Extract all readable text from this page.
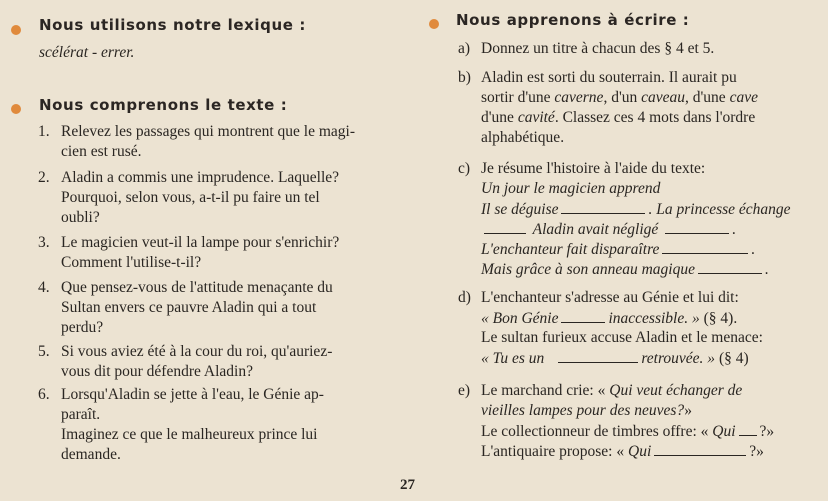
Nous utilisons notre lexique :
scélérat - errer.
Nous comprenons le texte :
1. Relevez les passages qui montrent que le magi-
cien est rusé.
2. Aladin a commis une imprudence. Laquelle?
Pourquoi, selon vous, a-t-il pu faire un tel
oubli?
3. Le magicien veut-il la lampe pour s'enrichir?
Comment l'utilise-t-il?
4. Que pensez-vous de l'attitude menaçante du
Sultan envers ce pauvre Aladin qui a tout
perdu?
5. Si vous aviez été à la cour du roi, qu'auriez-
vous dit pour défendre Aladin?
6. Lorsqu'Aladin se jette à l'eau, le Génie ap-
paraît.
Imaginez ce que le malheureux prince lui
demande.
Nous apprenons à écrire :
a) Donnez un titre à chacun des § 4 et 5.
b) Aladin est sorti du souterrain. Il aurait pu
sortir d'une caverne, d'un caveau, d'une cave
d'une cavité. Classez ces 4 mots dans l'ordre
alphabétique.
c) Je résume l'histoire à l'aide du texte:
Un jour le magicien apprend
Il se déguise	. La princesse échange
Aladin avait négligé	.
L'enchanteur fait disparaître	.
Mais grâce à son anneau magique	.
d) L'enchanteur s'adresse au Génie et lui dit:
« Bon Génie	inaccessible. » (§ 4).
Le sultan furieux accuse Aladin et le menace:
« Tu es un	retrouvée. » (§ 4)
e) Le marchand crie: « Qui veut échanger de
vieilles lampes pour des neuves?»
Le collectionneur de timbres offre: « Qui ?»
L'antiquaire propose: « Qui	?»
27
